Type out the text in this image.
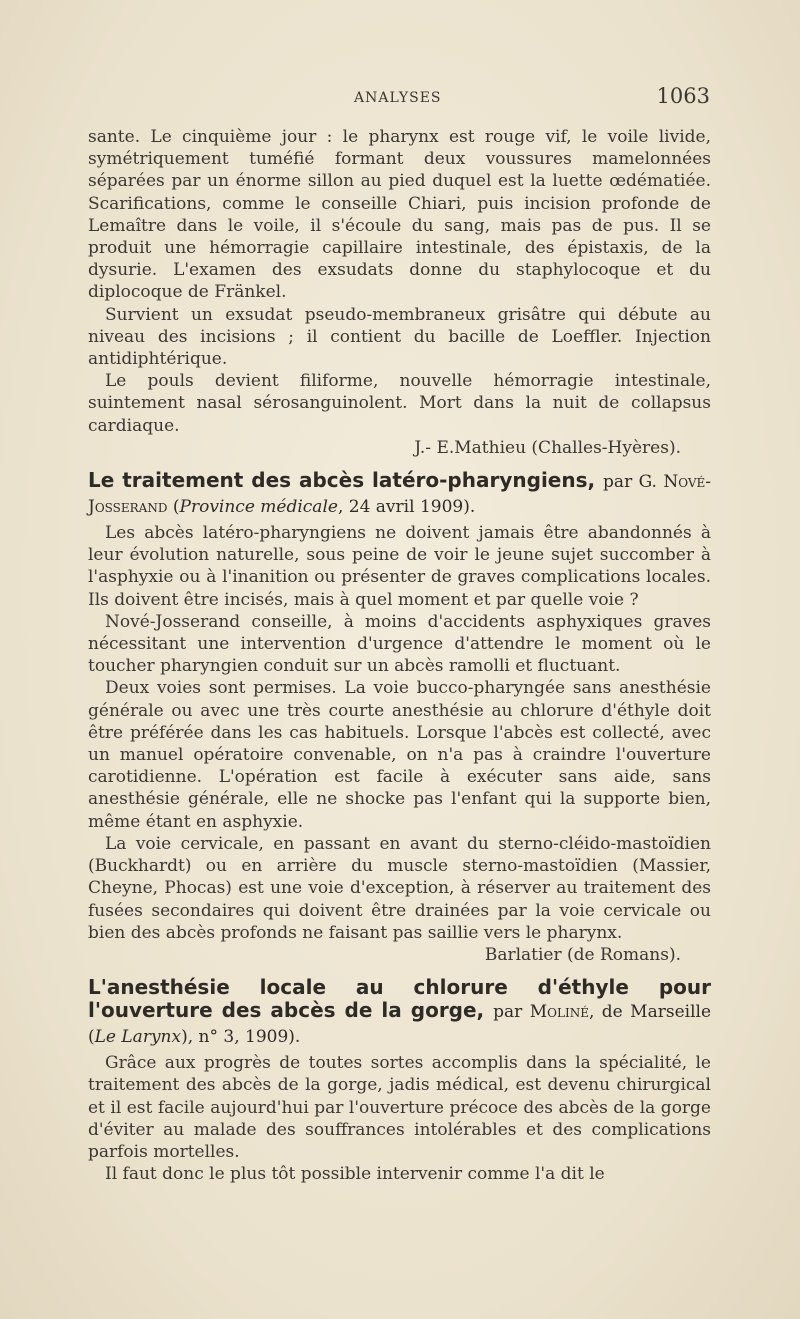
ANALYSES	1063

sante. Le cinquième jour : le pharynx est rouge vif, le voile livide, symétriquement tuméfié formant deux voussures mamelonnées séparées par un énorme sillon au pied duquel est la luette œdématiée. Scarifications, comme le conseille Chiari, puis incision profonde de Lemaître dans le voile, il s'écoule du sang, mais pas de pus. Il se produit une hémorragie capillaire intestinale, des épistaxis, de la dysurie. L'examen des exsudats donne du staphylocoque et du diplocoque de Fränkel.

Survient un exsudat pseudo-membraneux grisâtre qui débute au niveau des incisions ; il contient du bacille de Loeffler. Injection antidiphtérique.

Le pouls devient filiforme, nouvelle hémorragie intestinale, suintement nasal sérosanguinolent. Mort dans la nuit de collapsus cardiaque.

J.- E.Mathieu (Challes-Hyères).

Le traitement des abcès latéro-pharyngiens, par G. Nové-Josserand (Province médicale, 24 avril 1909).

Les abcès latéro-pharyngiens ne doivent jamais être abandonnés à leur évolution naturelle, sous peine de voir le jeune sujet succomber à l'asphyxie ou à l'inanition ou présenter de graves complications locales. Ils doivent être incisés, mais à quel moment et par quelle voie ?

Nové-Josserand conseille, à moins d'accidents asphyxiques graves nécessitant une intervention d'urgence d'attendre le moment où le toucher pharyngien conduit sur un abcès ramolli et fluctuant.

Deux voies sont permises. La voie bucco-pharyngée sans anesthésie générale ou avec une très courte anesthésie au chlorure d'éthyle doit être préférée dans les cas habituels. Lorsque l'abcès est collecté, avec un manuel opératoire convenable, on n'a pas à craindre l'ouverture carotidienne. L'opération est facile à exécuter sans aide, sans anesthésie générale, elle ne shocke pas l'enfant qui la supporte bien, même étant en asphyxie.

La voie cervicale, en passant en avant du sterno-cléido-mastoïdien (Buckhardt) ou en arrière du muscle sterno-mastoïdien (Massier, Cheyne, Phocas) est une voie d'exception, à réserver au traitement des fusées secondaires qui doivent être drainées par la voie cervicale ou bien des abcès profonds ne faisant pas saillie vers le pharynx.

Barlatier (de Romans).

L'anesthésie locale au chlorure d'éthyle pour l'ouverture des abcès de la gorge, par Moliné, de Marseille (Le Larynx), n° 3, 1909).

Grâce aux progrès de toutes sortes accomplis dans la spécialité, le traitement des abcès de la gorge, jadis médical, est devenu chirurgical et il est facile aujourd'hui par l'ouverture précoce des abcès de la gorge d'éviter au malade des souffrances intolérables et des complications parfois mortelles.

Il faut donc le plus tôt possible intervenir comme l'a dit le
